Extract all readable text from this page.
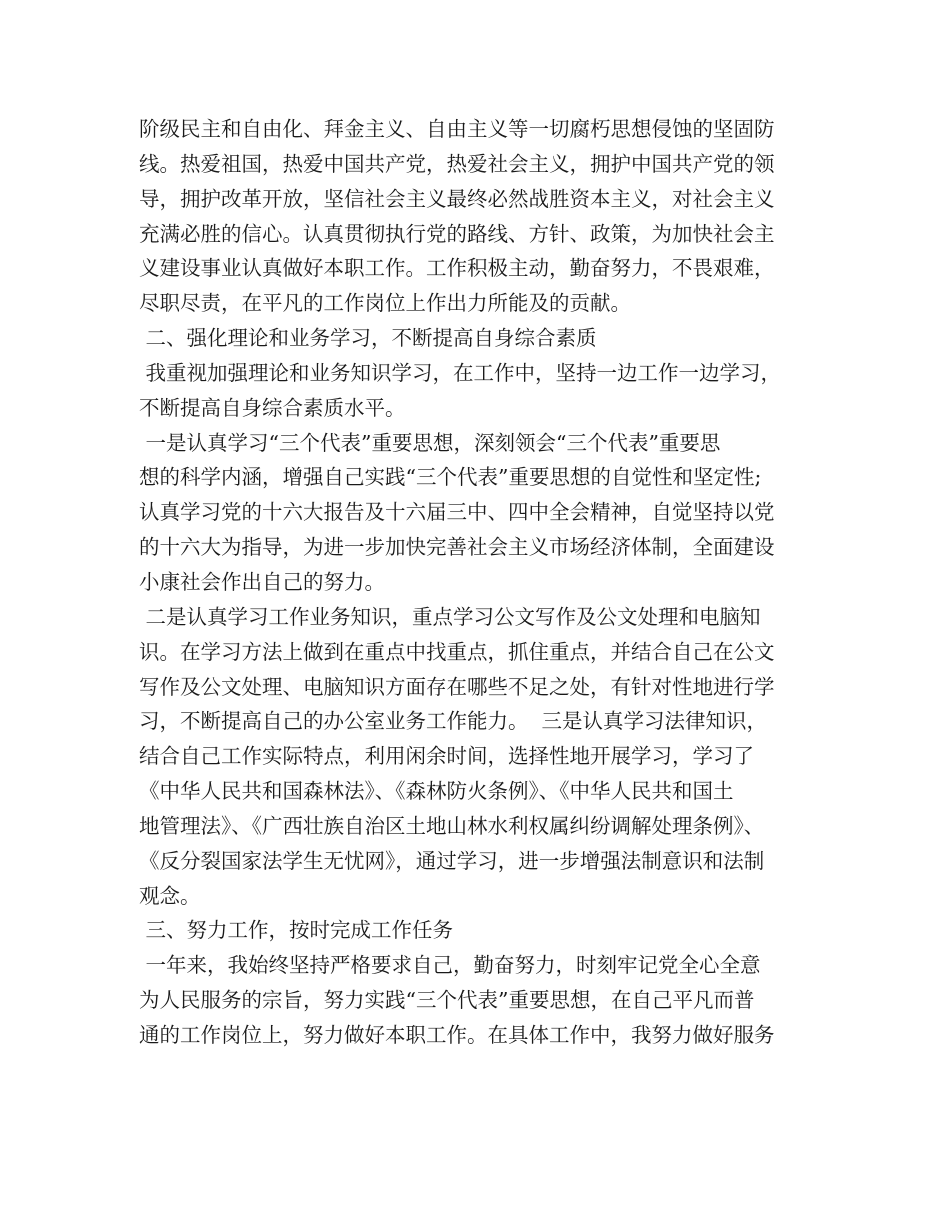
阶级民主和自由化、拜金主义、自由主义等一切腐朽思想侵蚀的坚固防
线。热爱祖国，热爱中国共产党，热爱社会主义，拥护中国共产党的领
导，拥护改革开放，坚信社会主义最终必然战胜资本主义，对社会主义
充满必胜的信心。认真贯彻执行党的路线、方针、政策，为加快社会主
义建设事业认真做好本职工作。工作积极主动，勤奋努力，不畏艰难，
尽职尽责，在平凡的工作岗位上作出力所能及的贡献。
二、强化理论和业务学习，不断提高自身综合素质
我重视加强理论和业务知识学习，在工作中，坚持一边工作一边学习，
不断提高自身综合素质水平。
一是认真学习“三个代表”重要思想，深刻领会“三个代表”重要思
想的科学内涵，增强自己实践“三个代表”重要思想的自觉性和坚定性;
认真学习党的十六大报告及十六届三中、四中全会精神，自觉坚持以党
的十六大为指导，为进一步加快完善社会主义市场经济体制，全面建设
小康社会作出自己的努力。
二是认真学习工作业务知识，重点学习公文写作及公文处理和电脑知
识。在学习方法上做到在重点中找重点，抓住重点，并结合自己在公文
写作及公文处理、电脑知识方面存在哪些不足之处，有针对性地进行学
习，不断提高自己的办公室业务工作能力。  三是认真学习法律知识，
结合自己工作实际特点，利用闲余时间，选择性地开展学习，学习了
《中华人民共和国森林法》、《森林防火条例》、《中华人民共和国土
地管理法》、《广西壮族自治区土地山林水利权属纠纷调解处理条例》、
《反分裂国家法学生无忧网》，通过学习，进一步增强法制意识和法制
观念。
三、努力工作，按时完成工作任务
一年来，我始终坚持严格要求自己，勤奋努力，时刻牢记党全心全意
为人民服务的宗旨，努力实践“三个代表”重要思想，在自己平凡而普
通的工作岗位上，努力做好本职工作。在具体工作中，我努力做好服务
